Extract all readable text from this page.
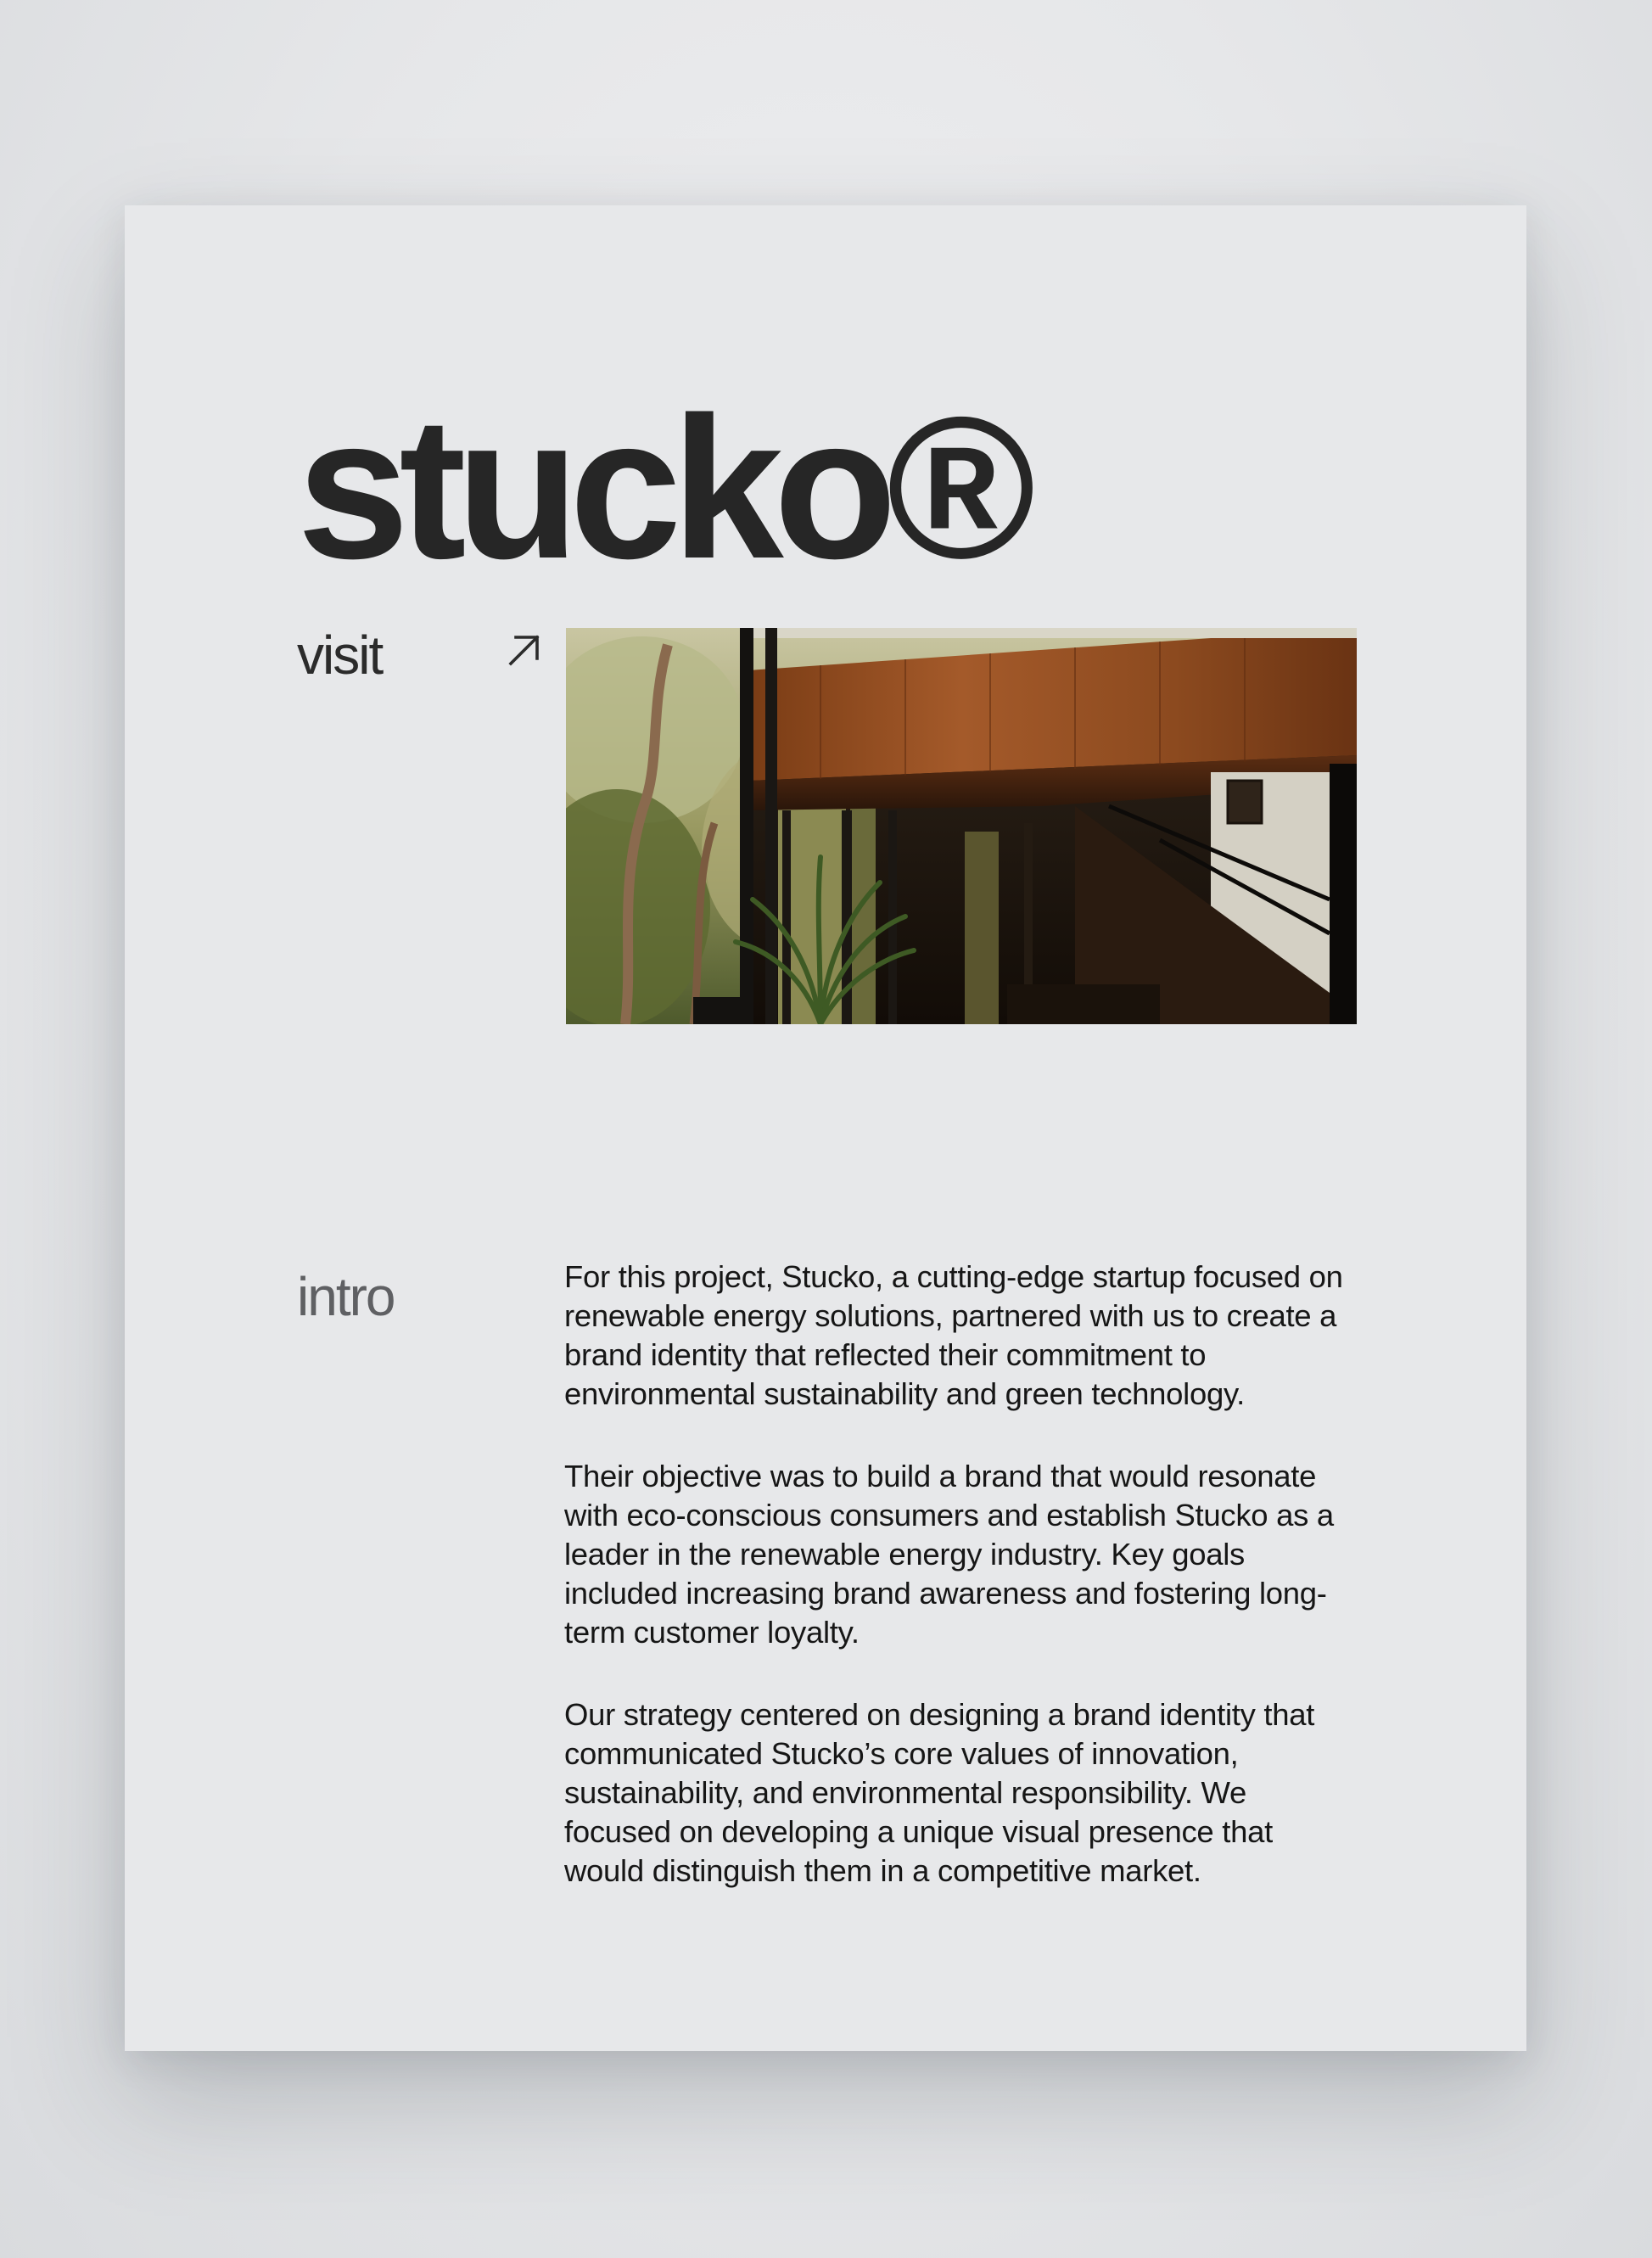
stucko®
visit
intro	For this project, Stucko, a cutting-edge startup focused on renewable energy solutions, partnered with us to create a brand identity that reflected their commitment to environmental sustainability and green technology.

Their objective was to build a brand that would resonate with eco-conscious consumers and establish Stucko as a leader in the renewable energy industry. Key goals included increasing brand awareness and fostering long-term customer loyalty.

Our strategy centered on designing a brand identity that communicated Stucko’s core values of innovation, sustainability, and environmental responsibility. We focused on developing a unique visual presence that would distinguish them in a competitive market.
